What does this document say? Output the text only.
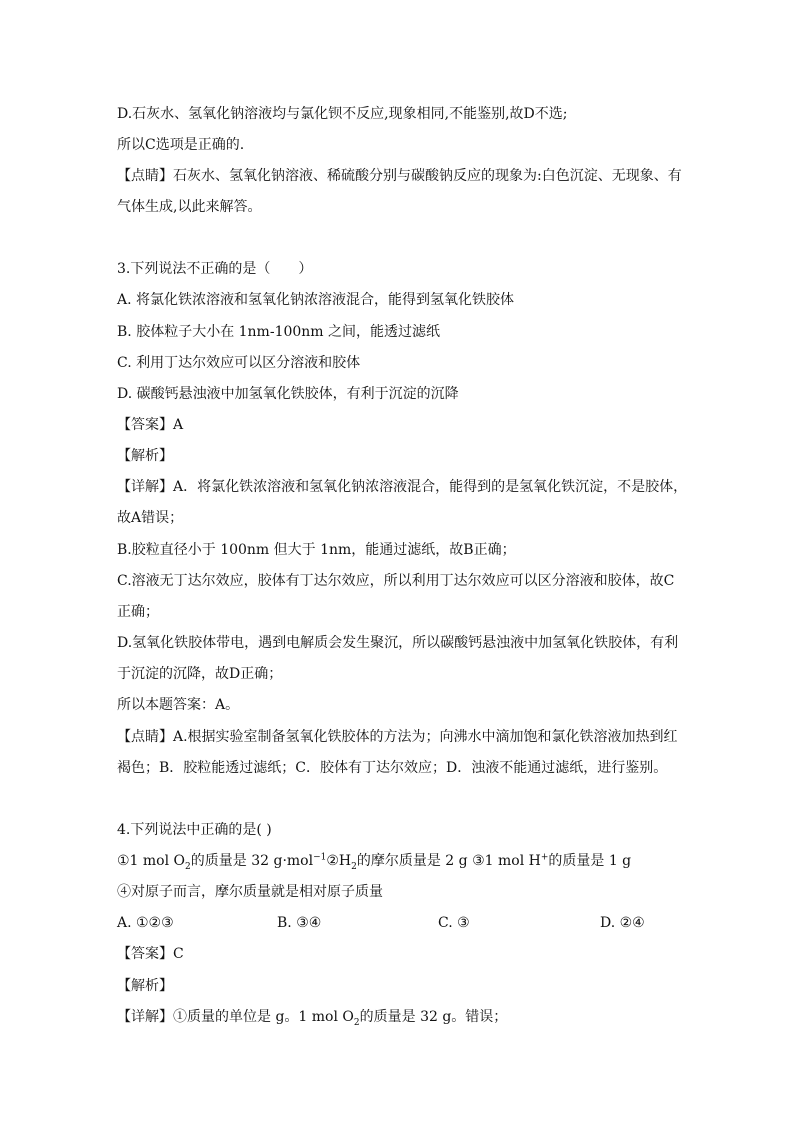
D.石灰水、氢氧化钠溶液均与氯化钡不反应,现象相同,不能鉴别,故D不选;
所以C选项是正确的.
【点睛】石灰水、氢氧化钠溶液、稀硫酸分别与碳酸钠反应的现象为:白色沉淀、无现象、有
气体生成,以此来解答。
3.下列说法不正确的是（　　）
A. 将氯化铁浓溶液和氢氧化钠浓溶液混合，能得到氢氧化铁胶体
B. 胶体粒子大小在 1nm-100nm 之间，能透过滤纸
C. 利用丁达尔效应可以区分溶液和胶体
D. 碳酸钙悬浊液中加氢氧化铁胶体，有利于沉淀的沉降
【答案】A
【解析】
【详解】A．将氯化铁浓溶液和氢氧化钠浓溶液混合，能得到的是氢氧化铁沉淀，不是胶体，
故A错误；
B.胶粒直径小于 100nm 但大于 1nm，能通过滤纸，故B正确；
C.溶液无丁达尔效应，胶体有丁达尔效应，所以利用丁达尔效应可以区分溶液和胶体，故C
正确；
D.氢氧化铁胶体带电，遇到电解质会发生聚沉，所以碳酸钙悬浊液中加氢氧化铁胶体，有利
于沉淀的沉降，故D正确；
所以本题答案：A。
【点睛】A.根据实验室制备氢氧化铁胶体的方法为；向沸水中滴加饱和氯化铁溶液加热到红
褐色；B．胶粒能透过滤纸；C．胶体有丁达尔效应；D．浊液不能通过滤纸，进行鉴别。
4.下列说法中正确的是( )
①1 mol $O_2$的质量是 32 $g\cdot mol^{-1}②H_2$的摩尔质量是 2 g ③1 mol H+的质量是 1 g
④对原子而言，摩尔质量就是相对原子质量
A. ①②③	B. ③④	C. ③	D. ②④
【答案】C
【解析】
【详解】①质量的单位是 g。1 mol $O_2$的质量是 32 g。错误；
